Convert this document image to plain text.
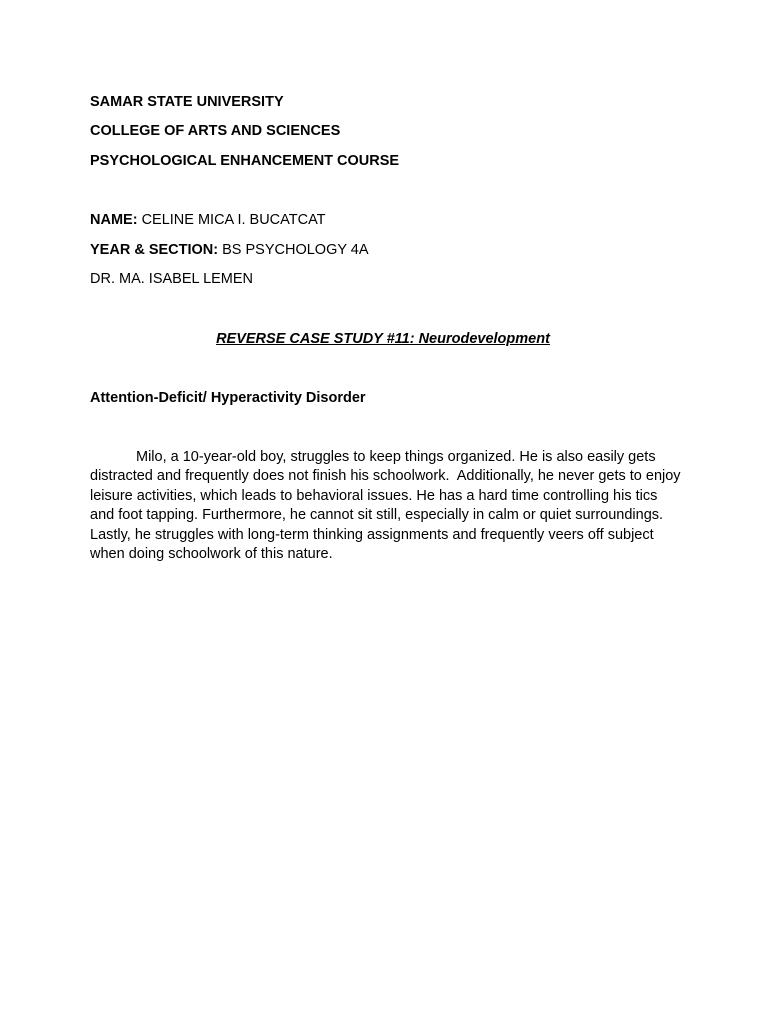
SAMAR STATE UNIVERSITY
COLLEGE OF ARTS AND SCIENCES
PSYCHOLOGICAL ENHANCEMENT COURSE
NAME: CELINE MICA I. BUCATCAT
YEAR & SECTION: BS PSYCHOLOGY 4A
DR. MA. ISABEL LEMEN
REVERSE CASE STUDY #11: Neurodevelopment
Attention-Deficit/ Hyperactivity Disorder
Milo, a 10-year-old boy, struggles to keep things organized. He is also easily gets distracted and frequently does not finish his schoolwork.  Additionally, he never gets to enjoy leisure activities, which leads to behavioral issues. He has a hard time controlling his tics and foot tapping. Furthermore, he cannot sit still, especially in calm or quiet surroundings. Lastly, he struggles with long-term thinking assignments and frequently veers off subject when doing schoolwork of this nature.
